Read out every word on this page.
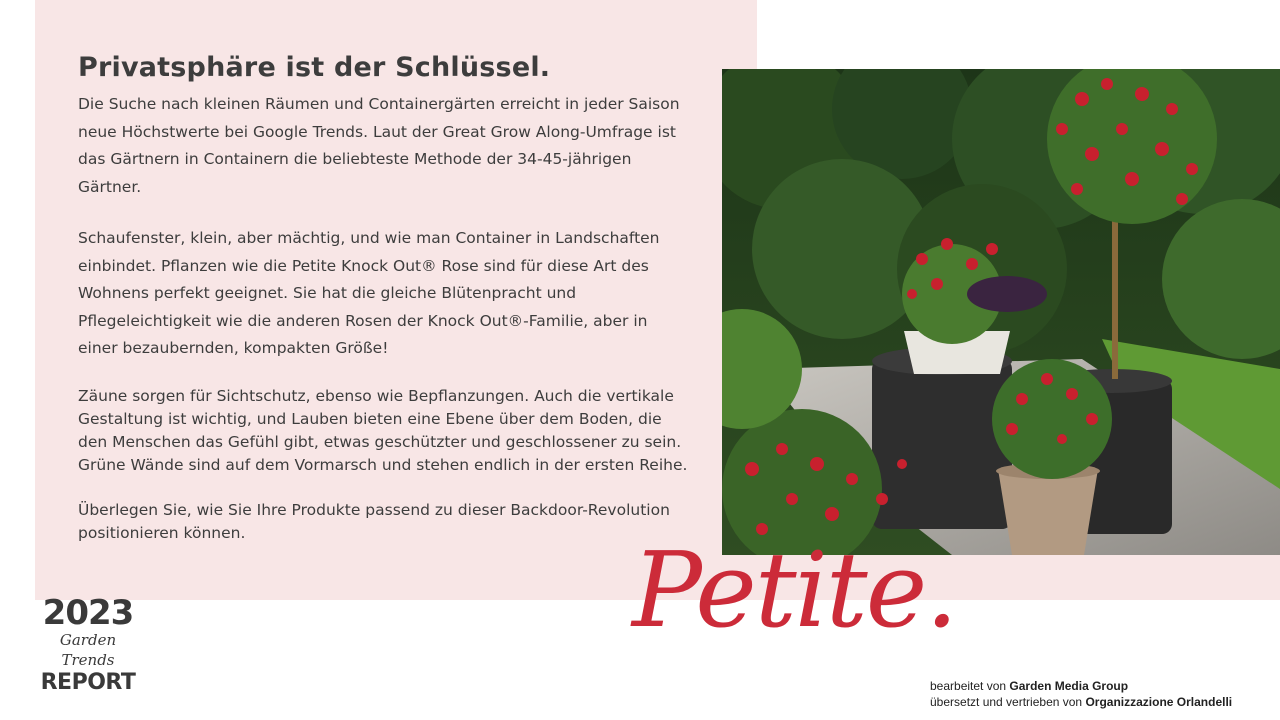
Privatsphäre ist der Schlüssel.

Die Suche nach kleinen Räumen und Containergärten erreicht in jeder Saison neue Höchstwerte bei Google Trends. Laut der Great Grow Along-Umfrage ist das Gärtnern in Containern die beliebteste Methode der 34-45-jährigen Gärtner.

Schaufenster, klein, aber mächtig, und wie man Container in Landschaften einbindet. Pflanzen wie die Petite Knock Out® Rose sind für diese Art des Wohnens perfekt geeignet. Sie hat die gleiche Blütenpracht und Pflegeleichtigkeit wie die anderen Rosen der Knock Out®-Familie, aber in einer bezaubernden, kompakten Größe!

Zäune sorgen für Sichtschutz, ebenso wie Bepflanzungen. Auch die vertikale Gestaltung ist wichtig, und Lauben bieten eine Ebene über dem Boden, die den Menschen das Gefühl gibt, etwas geschützter und geschlossener zu sein. Grüne Wände sind auf dem Vormarsch und stehen endlich in der ersten Reihe.

Überlegen Sie, wie Sie Ihre Produkte passend zu dieser Backdoor-Revolution positionieren können.	Petite.
2023
Garden Trends
REPORT	bearbeitet von Garden Media Group
übersetzt und vertrieben von Organizzazione Orlandelli
